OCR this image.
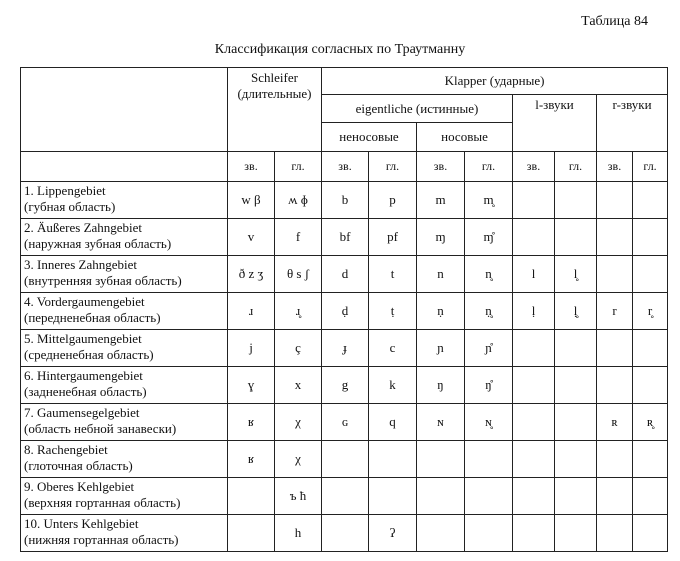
Таблица 84
Классификация согласных по Траутманну
	Schleifer (длительные)		Klapper (ударные)							
			eigentliche (истинные)				l-звуки		r-звуки	
			неносовые		носовые					
	зв.	гл.	зв.	гл.	зв.	гл.	зв.	гл.	зв.	гл.

1. Lippengebiet
(губная область)	w β	ʍ ɸ	b	p	m	m̥				

2. Äußeres Zahngebiet
(наружная зубная область)	v	f	bf	pf	ɱ	ɱ̊				

3. Inneres Zahngebiet
(внутренняя зубная область)	ð z ʒ	θ s ʃ	d	t	n	n̥	l	l̥		

4. Vordergaumengebiet
(передненебная область)	ɹ	ɹ̥	ḍ	ṭ	ṇ	ṇ̥	ḷ	ḷ̥	r	r̥

5. Mittelgaumengebiet
(средненебная область)	j	ç	ɟ	c	ɲ	ɲ̊				

6. Hintergaumengebiet
(задненебная область)	ɣ	x	g	k	ŋ	ŋ̊				

7. Gaumensegelgebiet
(область небной занавески)	ʁ	χ	ɢ	q	ɴ	ɴ̥			ʀ	ʀ̥

8. Rachengebiet
(глоточная область)	ʁ	χ								

9. Oberes Kehlgebiet
(верхняя гортанная область)		ъ ħ								

10. Unters Kehlgebiet
(нижняя гортанная область)		h		ʔ						
